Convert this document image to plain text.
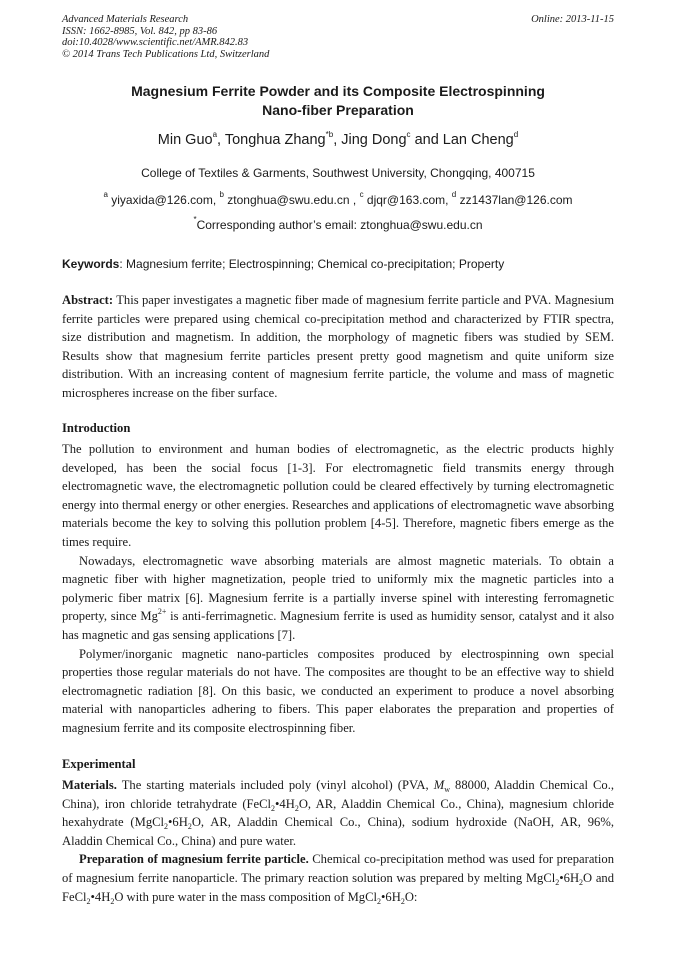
Advanced Materials Research
ISSN: 1662-8985, Vol. 842, pp 83-86
doi:10.4028/www.scientific.net/AMR.842.83
© 2014 Trans Tech Publications Ltd, Switzerland
Online: 2013-11-15
Magnesium Ferrite Powder and its Composite Electrospinning
Nano-fiber Preparation
Min Guo$^a$, Tonghua Zhang$^{*b}$, Jing Dong$^c$ and Lan Cheng$^d$
College of Textiles & Garments, Southwest University, Chongqing, 400715
$^a$ yiyaxida@126.com, $^b$ ztonghua@swu.edu.cn , $^c$ djqr@163.com, $^d$ zz1437lan@126.com
*Corresponding author’s email: ztonghua@swu.edu.cn
Keywords: Magnesium ferrite; Electrospinning; Chemical co-precipitation; Property

Abstract: This paper investigates a magnetic fiber made of magnesium ferrite particle and PVA. Magnesium ferrite particles were prepared using chemical co-precipitation method and characterized by FTIR spectra, size distribution and magnetism. In addition, the morphology of magnetic fibers was studied by SEM. Results show that magnesium ferrite particles present pretty good magnetism and quite uniform size distribution. With an increasing content of magnesium ferrite particle, the volume and mass of magnetic microspheres increase on the fiber surface.

Introduction

The pollution to environment and human bodies of electromagnetic, as the electric products highly developed, has been the social focus [1-3]. For electromagnetic field transmits energy through electromagnetic wave, the electromagnetic pollution could be cleared effectively by turning electromagnetic energy into thermal energy or other energies. Researches and applications of electromagnetic wave absorbing materials become the key to solving this pollution problem [4-5]. Therefore, magnetic fibers emerge as the times require.

Nowadays, electromagnetic wave absorbing materials are almost magnetic materials. To obtain a magnetic fiber with higher magnetization, people tried to uniformly mix the magnetic particles into a polymeric fiber matrix [6]. Magnesium ferrite is a partially inverse spinel with interesting ferromagnetic property, since $Mg^{2+}$ is anti-ferrimagnetic. Magnesium ferrite is used as humidity sensor, catalyst and it also has magnetic and gas sensing applications [7].

Polymer/inorganic magnetic nano-particles composites produced by electrospinning own special properties those regular materials do not have. The composites are thought to be an effective way to shield electromagnetic radiation [8]. On this basic, we conducted an experiment to produce a novel absorbing material with nanoparticles adhering to fibers. This paper elaborates the preparation and properties of magnesium ferrite and its composite electrospinning fiber.

Experimental

Materials. The starting materials included poly (vinyl alcohol) (PVA, $M_w$ 88000, Aladdin Chemical Co., China), iron chloride tetrahydrate ($FeCl_2•4H_2O$, AR, Aladdin Chemical Co., China), magnesium chloride hexahydrate ($MgCl_2•6H_2O$, AR, Aladdin Chemical Co., China), sodium hydroxide (NaOH, AR, 96%, Aladdin Chemical Co., China) and pure water.

Preparation of magnesium ferrite particle. Chemical co-precipitation method was used for preparation of magnesium ferrite nanoparticle. The primary reaction solution was prepared by melting $MgCl_2•6H_2O$ and $FeCl_2•4H_2O$ with pure water in the mass composition of $MgCl_2•6H_2O$:
